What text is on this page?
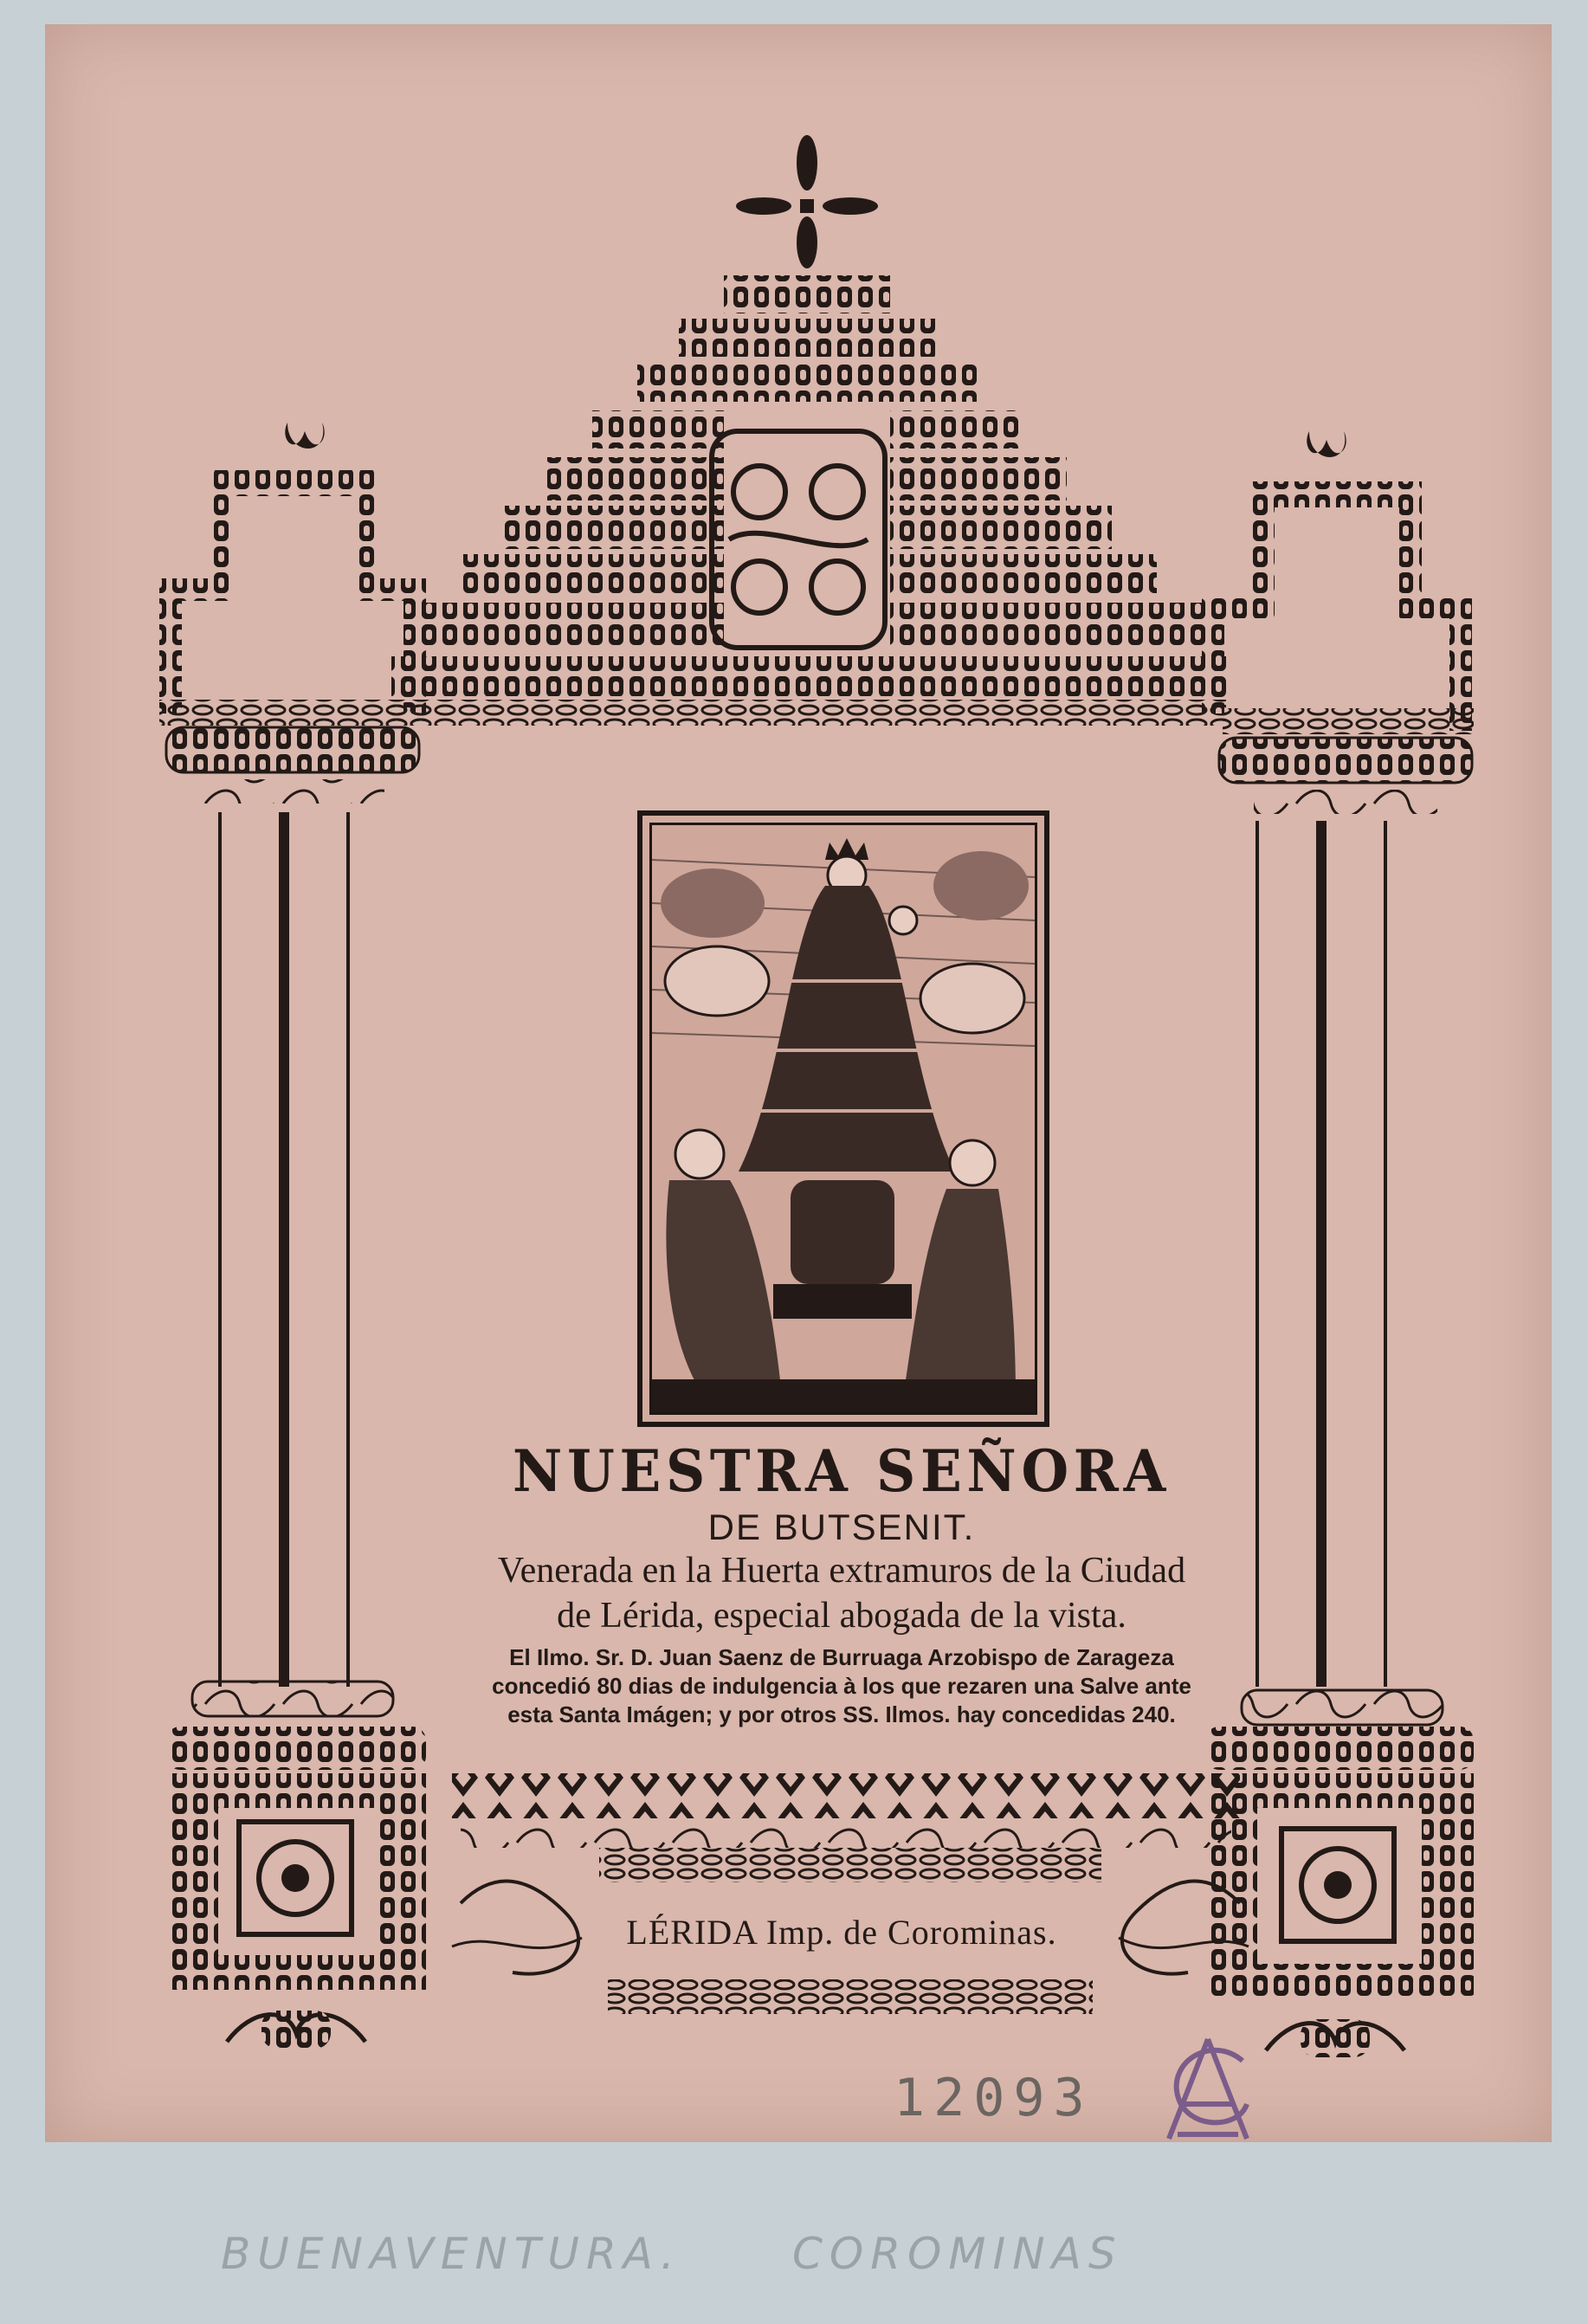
NUESTRA SEÑORA
DE BUTSENIT.
Venerada en la Huerta extramuros de la Ciudad
de Lérida, especial abogada de la vista.
El Ilmo. Sr. D. Juan Saenz de Burruaga Arzobispo de Zarageza
concedió 80 dias de indulgencia à los que rezaren una Salve ante
esta Santa Imágen; y por otros SS. Ilmos. hay concedidas 240.
LÉRIDA Imp. de Corominas.
12093
BUENAVENTURA.	COROMINAS
